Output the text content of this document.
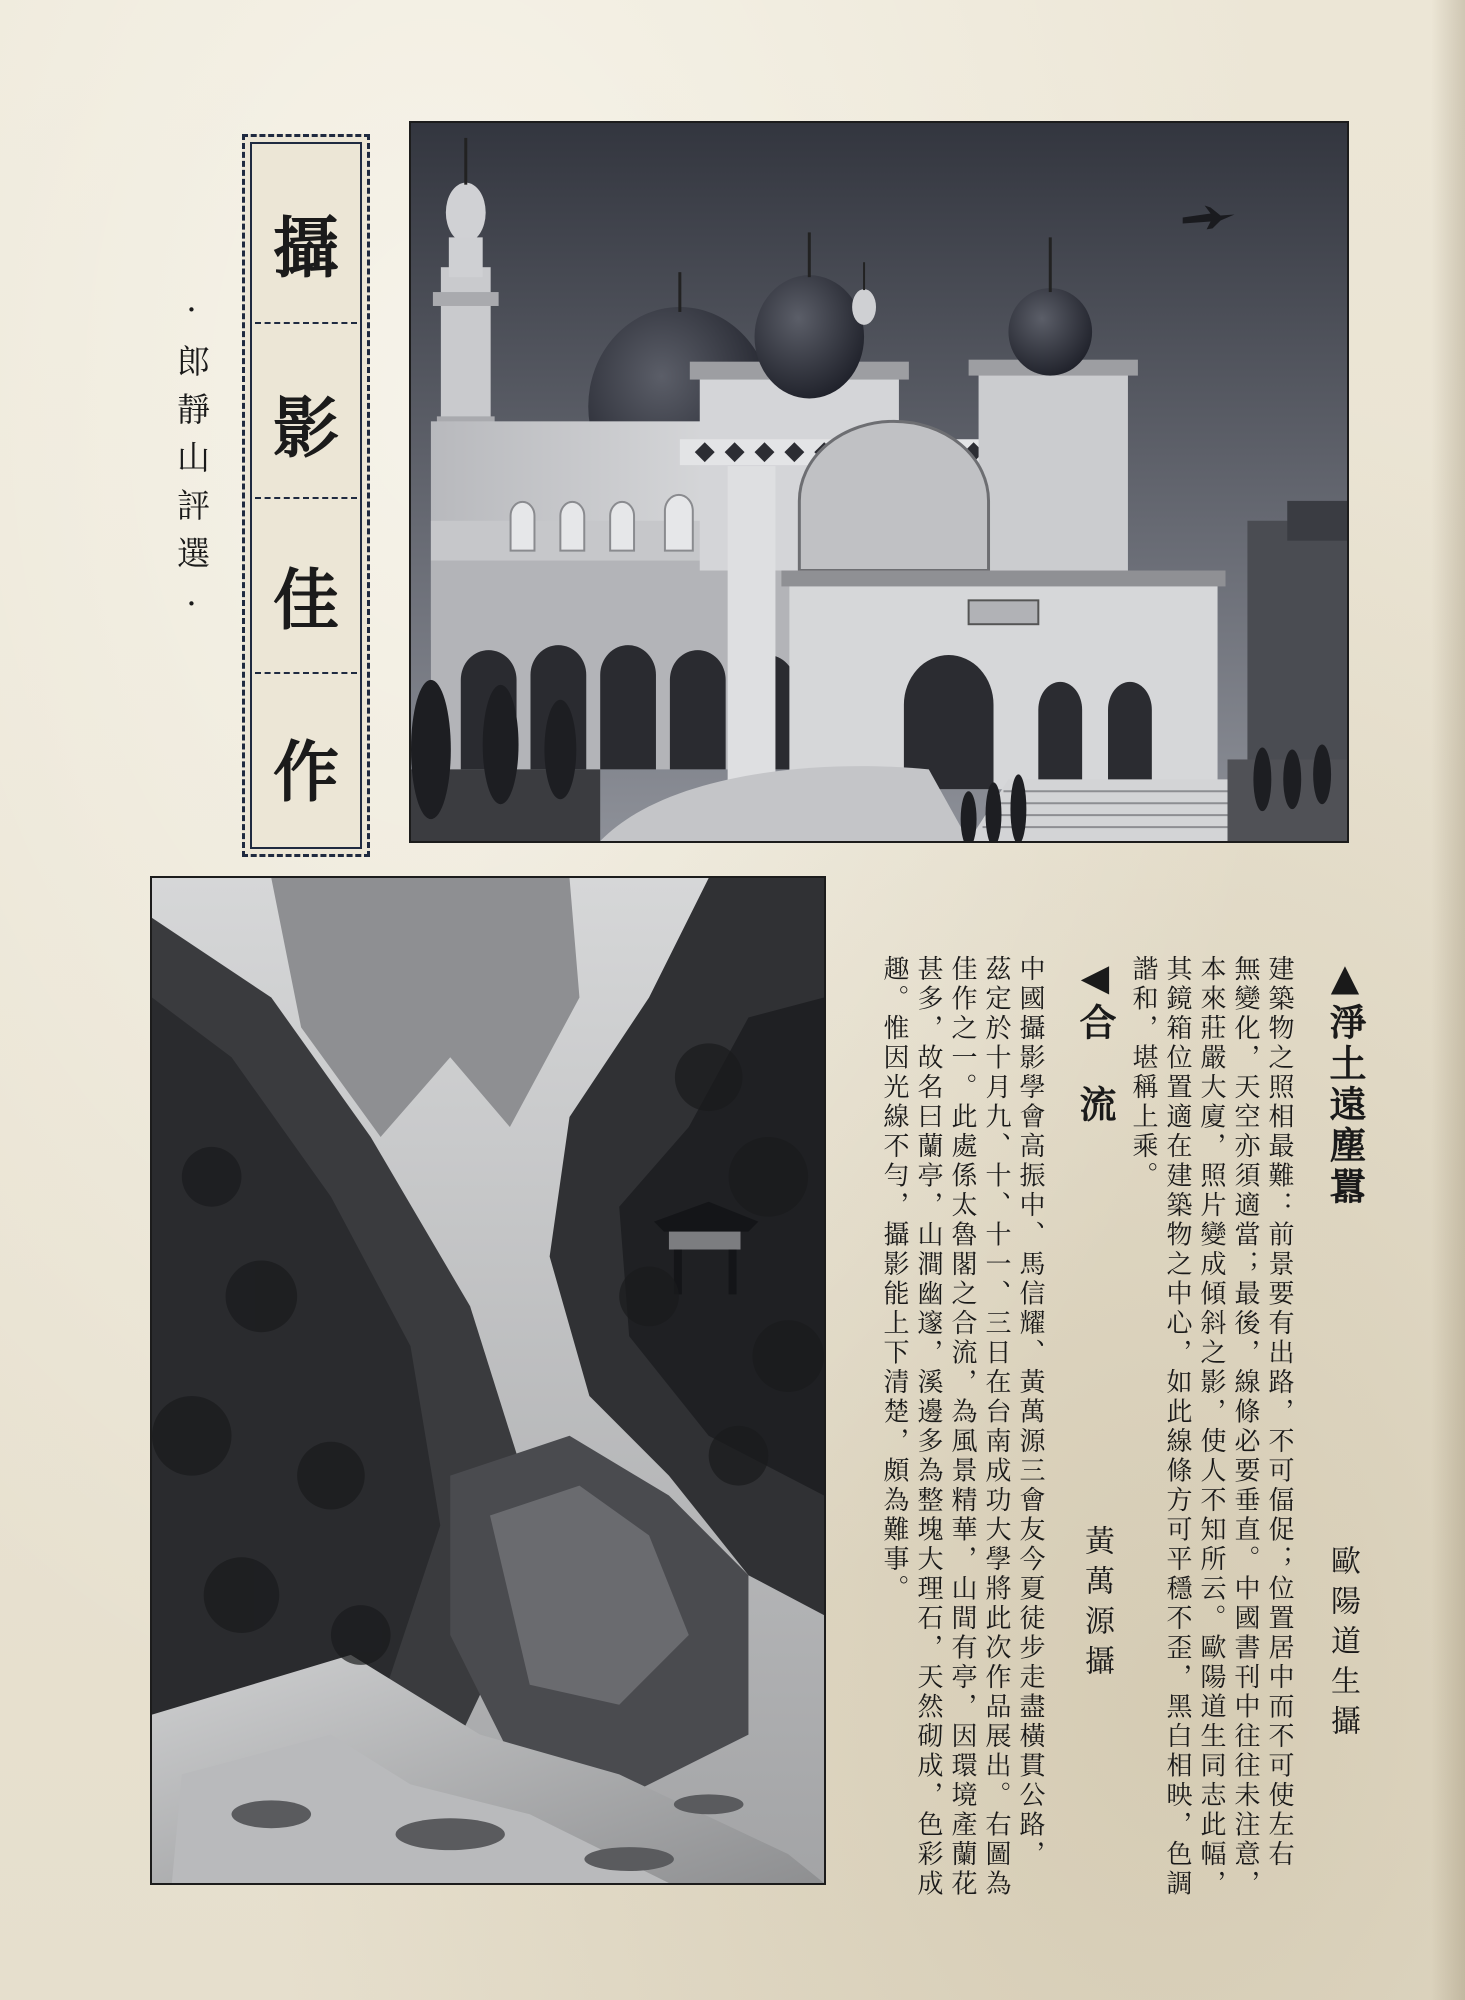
攝
影
佳
作
·郎靜山評選·
▲淨土遠塵囂
歐陽道生攝
建築物之照相最難：前景要有出路，不可偪促；位置居中而不可使左右
無變化，天空亦須適當；最後，線條必要垂直。中國書刊中往往未注意，
本來莊嚴大廈，照片變成傾斜之影，使人不知所云。歐陽道生同志此幅，
其鏡箱位置適在建築物之中心，如此線條方可平穩不歪，黑白相映，色調
諧和，堪稱上乘。
◀合　流
黃萬源攝
中國攝影學會高振中、馬信耀、黃萬源三會友今夏徒步走盡橫貫公路，
茲定於十月九、十、十一、三日在台南成功大學將此次作品展出。右圖為
佳作之一。此處係太魯閣之合流，為風景精華，山間有亭，因環境產蘭花
甚多，故名曰蘭亭，山澗幽邃，溪邊多為整塊大理石，天然砌成，色彩成
趣。惟因光線不勻，攝影能上下清楚，頗為難事。
